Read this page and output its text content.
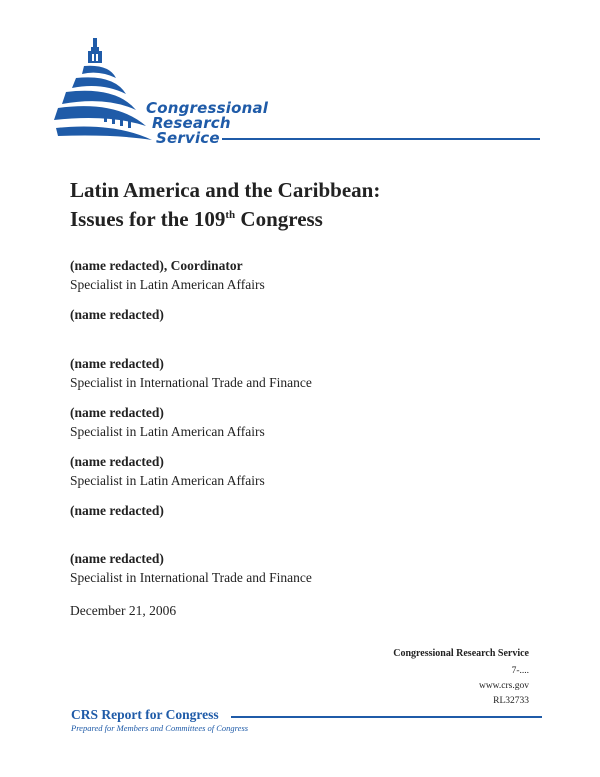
Congressional
Research
Service
Latin America and the Caribbean:
Issues for the 109th Congress
(name redacted), Coordinator
Specialist in Latin American Affairs
(name redacted)
(name redacted)
Specialist in International Trade and Finance
(name redacted)
Specialist in Latin American Affairs
(name redacted)
Specialist in Latin American Affairs
(name redacted)
(name redacted)
Specialist in International Trade and Finance
December 21, 2006
Congressional Research Service
7-....
www.crs.gov
RL32733
CRS Report for Congress
Prepared for Members and Committees of Congress
